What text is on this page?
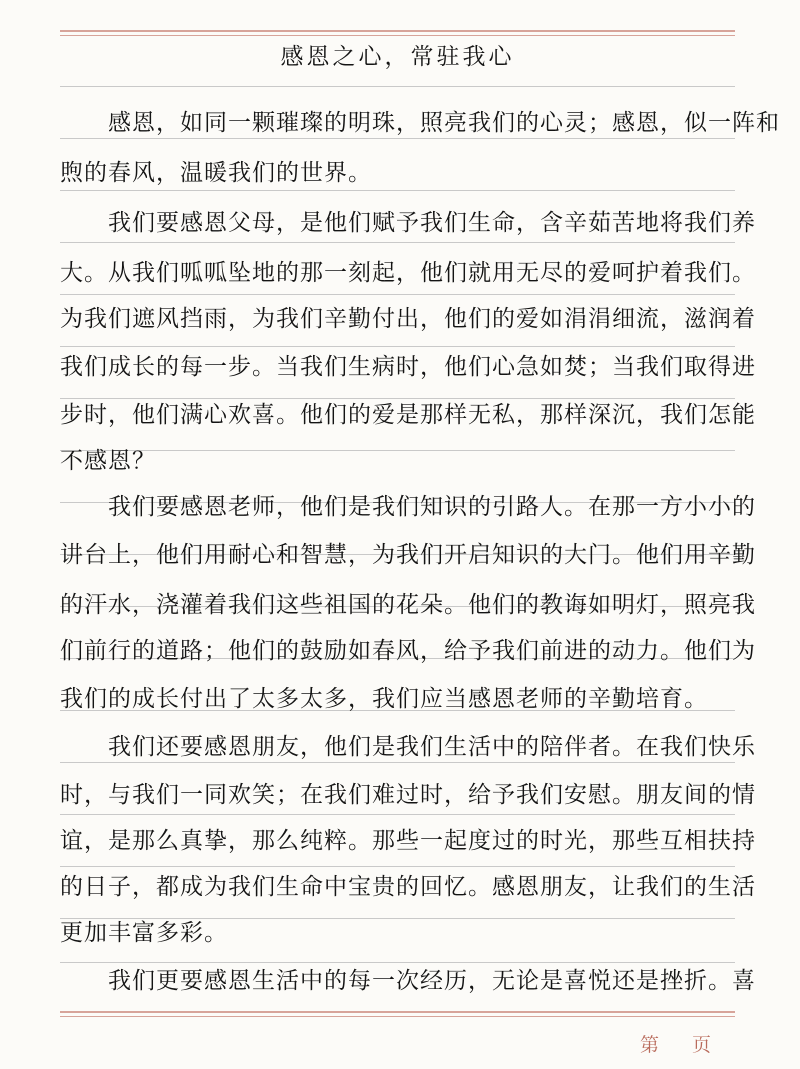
感恩之心，常驻我心
　　感恩，如同一颗璀璨的明珠，照亮我们的心灵；感恩，似一阵和
煦的春风，温暖我们的世界。
　　我们要感恩父母，是他们赋予我们生命，含辛茹苦地将我们养
大。从我们呱呱坠地的那一刻起，他们就用无尽的爱呵护着我们。
为我们遮风挡雨，为我们辛勤付出，他们的爱如涓涓细流，滋润着
我们成长的每一步。当我们生病时，他们心急如焚；当我们取得进
步时，他们满心欢喜。他们的爱是那样无私，那样深沉，我们怎能
不感恩？
　　我们要感恩老师，他们是我们知识的引路人。在那一方小小的
讲台上，他们用耐心和智慧，为我们开启知识的大门。他们用辛勤
的汗水，浇灌着我们这些祖国的花朵。他们的教诲如明灯，照亮我
们前行的道路；他们的鼓励如春风，给予我们前进的动力。他们为
我们的成长付出了太多太多，我们应当感恩老师的辛勤培育。
　　我们还要感恩朋友，他们是我们生活中的陪伴者。在我们快乐
时，与我们一同欢笑；在我们难过时，给予我们安慰。朋友间的情
谊，是那么真挚，那么纯粹。那些一起度过的时光，那些互相扶持
的日子，都成为我们生命中宝贵的回忆。感恩朋友，让我们的生活
更加丰富多彩。
　　我们更要感恩生活中的每一次经历，无论是喜悦还是挫折。喜
第 页
